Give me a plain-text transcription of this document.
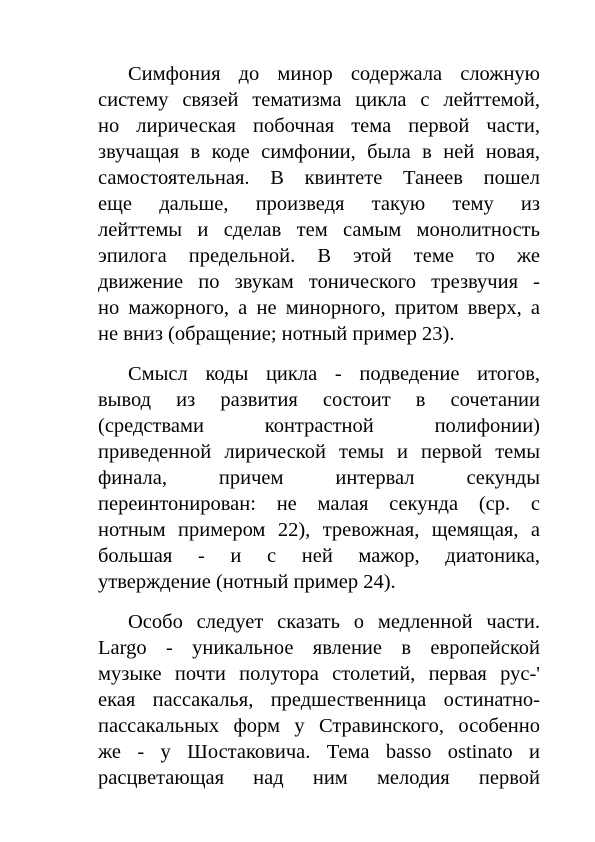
Симфония до минор содержала сложную
систему связей тематизма цикла с лейттемой,
но лирическая побочная тема первой части,
звучащая в коде симфонии, была в ней новая,
самостоятельная. В квинтете Танеев пошел
еще дальше, произведя такую тему из
лейттемы и сделав тем самым монолитность
эпилога предельной. В этой теме то же
движение по звукам тонического трезвучия -
но мажорного, а не минорного, притом вверх, а
не вниз (обращение; нотный пример 23).

Смысл коды цикла - подведение итогов,
вывод из развития состоит в сочетании
(средствами контрастной полифонии)
приведенной лирической темы и первой темы
финала, причем интервал секунды
переинтонирован: не малая секунда (ср. с
нотным примером 22), тревожная, щемящая, а
большая - и с ней мажор, диатоника,
утверждение (нотный пример 24).

Особо следует сказать о медленной части.
Largo - уникальное явление в европейской
музыке почти полутора столетий, первая рус-'
екая пассакалья, предшественница остинатно-
пассакальных форм у Стравинского, особенно
же - у Шостаковича. Тема basso ostinato и
расцветающая над ним мелодия первой
